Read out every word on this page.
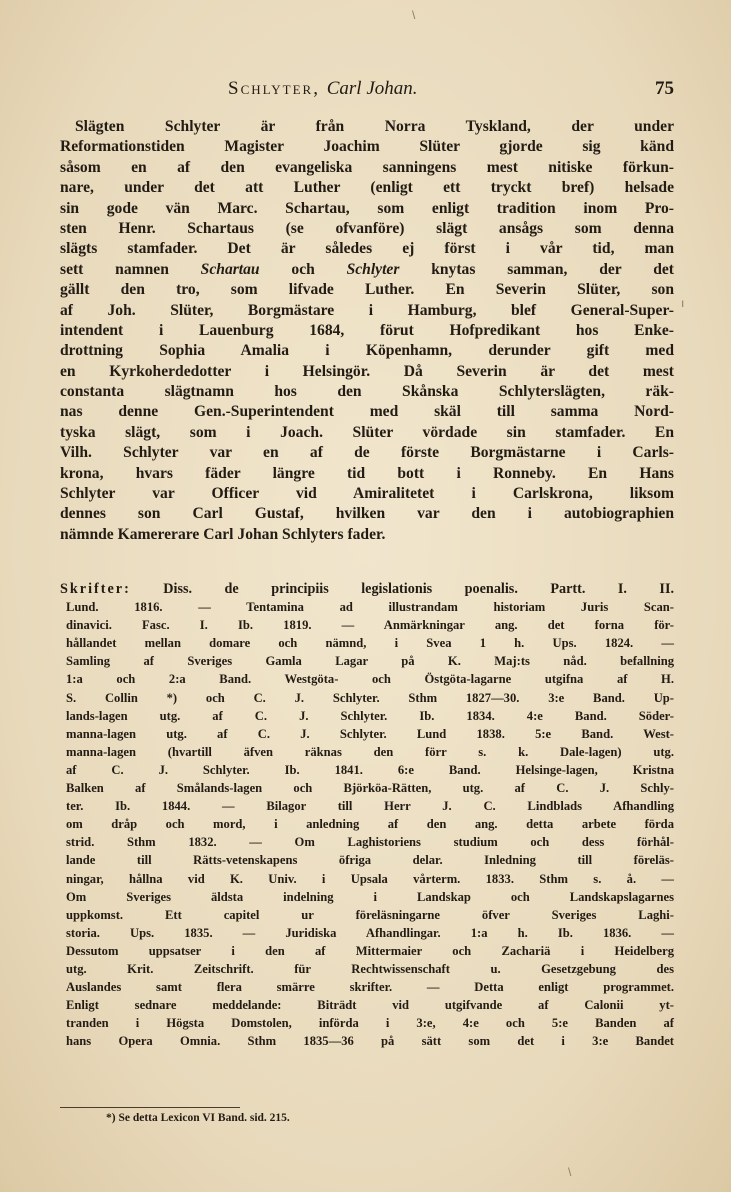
Schlyter, Carl Johan.	75
Slägten Schlyter är från Norra Tyskland, der under
Reformationstiden Magister Joachim Slüter gjorde sig känd
såsom en af den evangeliska sanningens mest nitiske förkun-
nare, under det att Luther (enligt ett tryckt bref) helsade
sin gode vän Marc. Schartau, som enligt tradition inom Pro-
sten Henr. Schartaus (se ofvanföre) slägt ansågs som denna
slägts stamfader. Det är således ej först i vår tid, man
sett namnen Schartau och Schlyter knytas samman, der det
gällt den tro, som lifvade Luther. En Severin Slüter, son
af Joh. Slüter, Borgmästare i Hamburg, blef General-Super-
intendent i Lauenburg 1684, förut Hofpredikant hos Enke-
drottning Sophia Amalia i Köpenhamn, derunder gift med
en Kyrkoherdedotter i Helsingör. Då Severin är det mest
constanta slägtnamn hos den Skånska Schlyterslägten, räk-
nas denne Gen.-Superintendent med skäl till samma Nord-
tyska slägt, som i Joach. Slüter vördade sin stamfader. En
Vilh. Schlyter var en af de förste Borgmästarne i Carls-
krona, hvars fäder längre tid bott i Ronneby. En Hans
Schlyter var Officer vid Amiralitetet i Carlskrona, liksom
dennes son Carl Gustaf, hvilken var den i autobiographien
nämnde Kamererare Carl Johan Schlyters fader.
Skrifter: Diss. de principiis legislationis poenalis. Partt. I. II.
Lund. 1816. — Tentamina ad illustrandam historiam Juris Scan-
dinavici. Fasc. I. Ib. 1819. — Anmärkningar ang. det forna för-
hållandet mellan domare och nämnd, i Svea 1 h. Ups. 1824. —
Samling af Sveriges Gamla Lagar på K. Maj:ts nåd. befallning
1:a och 2:a Band. Westgöta- och Östgöta-lagarne utgifna af H.
S. Collin *) och C. J. Schlyter. Sthm 1827—30. 3:e Band. Up-
lands-lagen utg. af C. J. Schlyter. Ib. 1834. 4:e Band. Söder-
manna-lagen utg. af C. J. Schlyter. Lund 1838. 5:e Band. West-
manna-lagen (hvartill äfven räknas den förr s. k. Dale-lagen) utg.
af C. J. Schlyter. Ib. 1841. 6:e Band. Helsinge-lagen, Kristna
Balken af Smålands-lagen och Björköa-Rätten, utg. af C. J. Schly-
ter. Ib. 1844. — Bilagor till Herr J. C. Lindblads Afhandling
om dråp och mord, i anledning af den ang. detta arbete förda
strid. Sthm 1832. — Om Laghistoriens studium och dess förhål-
lande till Rätts-vetenskapens öfriga delar. Inledning till föreläs-
ningar, hållna vid K. Univ. i Upsala vårterm. 1833. Sthm s. å. —
Om Sveriges äldsta indelning i Landskap och Landskapslagarnes
uppkomst. Ett capitel ur föreläsningarne öfver Sveriges Laghi-
storia. Ups. 1835. — Juridiska Afhandlingar. 1:a h. Ib. 1836. —
Dessutom uppsatser i den af Mittermaier och Zachariä i Heidelberg
utg. Krit. Zeitschrift. für Rechtwissenschaft u. Gesetzgebung des
Auslandes samt flera smärre skrifter. — Detta enligt programmet.
Enligt sednare meddelande: Biträdt vid utgifvande af Calonii yt-
tranden i Högsta Domstolen, införda i 3:e, 4:e och 5:e Banden af
hans Opera Omnia. Sthm 1835—36 på sätt som det i 3:e Bandet
*) Se detta Lexicon VI Band. sid. 215.
\
ı
\
